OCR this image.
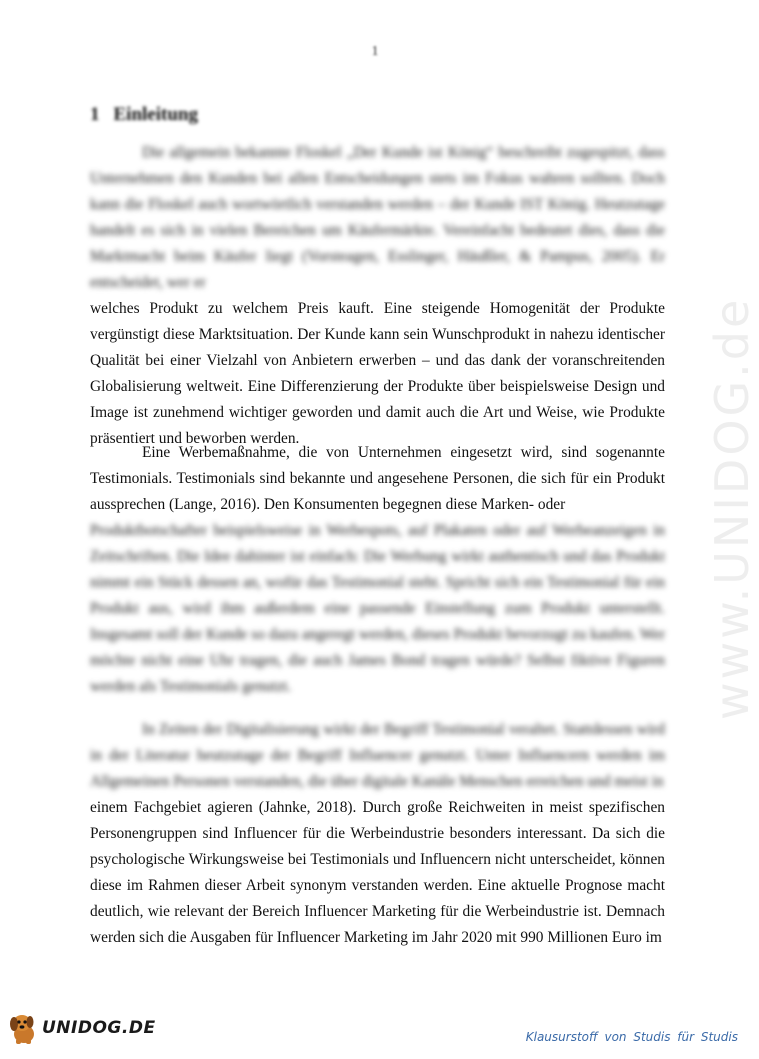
1
1 Einleitung

Die allgemein bekannte Floskel „Der Kunde ist König“ beschreibt zugespitzt, dass Unternehmen den Kunden bei allen Entscheidungen stets im Fokus wahren sollten. Doch kann die Floskel auch wortwörtlich verstanden werden – der Kunde IST König. Heutzutage handelt es sich in vielen Bereichen um Käufermärkte. Vereinfacht bedeutet dies, dass die Marktmacht beim Käufer liegt (Vorsteagen, Esslinger, Häußler, & Pampus, 2005). Er entscheidet, wer er

welches Produkt zu welchem Preis kauft. Eine steigende Homogenität der Produkte vergünstigt diese Marktsituation. Der Kunde kann sein Wunschprodukt in nahezu identischer Qualität bei einer Vielzahl von Anbietern erwerben – und das dank der voranschreitenden Globalisierung weltweit. Eine Differenzierung der Produkte über beispielsweise Design und Image ist zunehmend wichtiger geworden und damit auch die Art und Weise, wie Produkte präsentiert und beworben werden.

Eine Werbemaßnahme, die von Unternehmen eingesetzt wird, sind sogenannte Testimonials. Testimonials sind bekannte und angesehene Personen, die sich für ein Produkt aussprechen (Lange, 2016). Den Konsumenten begegnen diese Marken- oder

Produktbotschafter beispielsweise in Werbespots, auf Plakaten oder auf Werbeanzeigen in Zeitschriften. Die Idee dahinter ist einfach: Die Werbung wirkt authentisch und das Produkt nimmt ein Stück dessen an, wofür das Testimonial steht. Spricht sich ein Testimonial für ein Produkt aus, wird ihm außerdem eine passende Einstellung zum Produkt unterstellt. Insgesamt soll der Kunde so dazu angeregt werden, dieses Produkt bevorzugt zu kaufen. Wer möchte nicht eine Uhr tragen, die auch James Bond tragen würde? Selbst fiktive Figuren werden als Testimonials genutzt.

In Zeiten der Digitalisierung wirkt der Begriff Testimonial veraltet. Stattdessen wird in der Literatur heutzutage der Begriff Influencer genutzt. Unter Influencern werden im Allgemeinen Personen verstanden, die über digitale Kanäle Menschen erreichen und meist in

einem Fachgebiet agieren (Jahnke, 2018). Durch große Reichweiten in meist spezifischen Personengruppen sind Influencer für die Werbeindustrie besonders interessant. Da sich die psychologische Wirkungsweise bei Testimonials und Influencern nicht unterscheidet, können diese im Rahmen dieser Arbeit synonym verstanden werden. Eine aktuelle Prognose macht deutlich, wie relevant der Bereich Influencer Marketing für die Werbeindustrie ist. Demnach werden sich die Ausgaben für Influencer Marketing im Jahr 2020 mit 990 Millionen Euro im

www.UNIDOG.de
UNIDOG.DE	Klausurstoff von Studis für Studis
